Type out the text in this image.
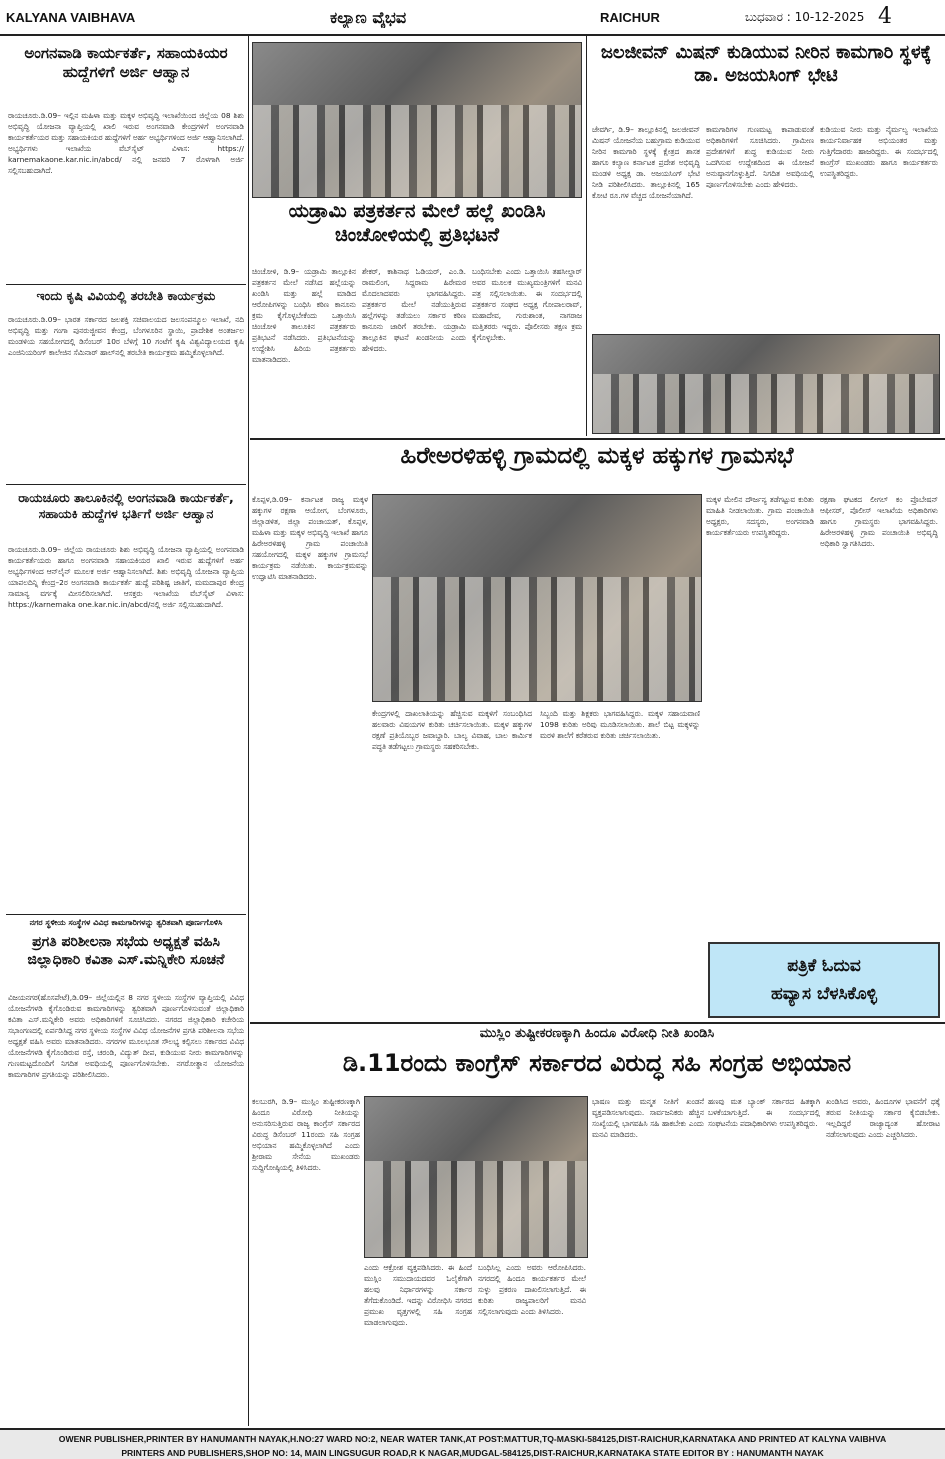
KALYANA VAIBHAVA	ಕಲ್ಯಾಣ ವೈಭವ	RAICHUR	ಬುಧವಾರ : 10-12-2025 4
ಅಂಗನವಾಡಿ ಕಾರ್ಯಕರ್ತೆ, ಸಹಾಯಕಿಯರ ಹುದ್ದೆಗಳಿಗೆ ಅರ್ಜಿ ಆಹ್ವಾನ
ರಾಯಚೂರು.ಡಿ.09– ಇಲ್ಲಿನ ಮಹಿಳಾ ಮತ್ತು ಮಕ್ಕಳ ಅಭಿವೃದ್ಧಿ ಇಲಾಖೆಯಿಂದ ಜಿಲ್ಲೆಯ 08 ಶಿಶು ಅಭಿವೃದ್ಧಿ ಯೋಜನಾ ವ್ಯಾಪ್ತಿಯಲ್ಲಿ ಖಾಲಿ ಇರುವ ಅಂಗನವಾಡಿ ಕೇಂದ್ರಗಳಿಗೆ ಅಂಗನವಾಡಿ ಕಾರ್ಯಕರ್ತೆಯರ ಮತ್ತು ಸಹಾಯಕಿಯರ ಹುದ್ದೆಗಳಿಗೆ ಅರ್ಹ ಅಭ್ಯರ್ಥಿಗಳಿಂದ ಅರ್ಜಿ ಆಹ್ವಾನಿಸಲಾಗಿದೆ. ಅಭ್ಯರ್ಥಿಗಳು ಇಲಾಖೆಯ ವೆಬ್‌ಸೈಟ್ ವಿಳಾಸ: https:// karnemakaone.kar.nic.in/abcd/ ನಲ್ಲಿ ಜನವರಿ 7 ರೊಳಗಾಗಿ ಅರ್ಜಿ ಸಲ್ಲಿಸಬಹುದಾಗಿದೆ.
ಇಂದು ಕೃಷಿ ವಿವಿಯಲ್ಲಿ ತರಬೇತಿ ಕಾರ್ಯಕ್ರಮ
ರಾಯಚೂರು.ಡಿ.09– ಭಾರತ ಸರ್ಕಾರದ ಜಲಶಕ್ತಿ ಸಚಿವಾಲಯದ ಜಲಸಂಪನ್ಮೂಲ ಇಲಾಖೆ, ನದಿ ಅಭಿವೃದ್ಧಿ ಮತ್ತು ಗಂಗಾ ಪುನರುಜ್ಜೀವನ ಕೇಂದ್ರ, ಬೆಂಗಳೂರಿನ ಸ್ಥಾಯಿ, ಪ್ರಾದೇಶಿಕ ಅಂತರ್ಜಲ ಮಂಡಳಿಯ ಸಹಯೋಗದಲ್ಲಿ ಡಿಸೆಂಬರ್ 10ರ ಬೆಳಿಗ್ಗೆ 10 ಗಂಟೆಗೆ ಕೃಷಿ ವಿಶ್ವವಿದ್ಯಾಲಯದ ಕೃಷಿ ಎಂಜಿನಿಯರಿಂಗ್ ಕಾಲೇಜಿನ ಸೆಮಿನಾರ್ ಹಾಲ್‌ನಲ್ಲಿ ತರಬೇತಿ ಕಾರ್ಯಕ್ರಮ ಹಮ್ಮಿಕೊಳ್ಳಲಾಗಿದೆ.
ರಾಯಚೂರು ತಾಲೂಕಿನಲ್ಲಿ ಅಂಗನವಾಡಿ ಕಾರ್ಯಕರ್ತೆ, ಸಹಾಯಕಿ ಹುದ್ದೆಗಳ ಭರ್ತಿಗೆ ಅರ್ಜಿ ಆಹ್ವಾನ
ರಾಯಚೂರು.ಡಿ.09– ಜಿಲ್ಲೆಯ ರಾಯಚೂರು ಶಿಶು ಅಭಿವೃದ್ಧಿ ಯೋಜನಾ ವ್ಯಾಪ್ತಿಯಲ್ಲಿ ಅಂಗನವಾಡಿ ಕಾರ್ಯಕರ್ತೆಯರು ಹಾಗೂ ಅಂಗನವಾಡಿ ಸಹಾಯಕಿಯರ ಖಾಲಿ ಇರುವ ಹುದ್ದೆಗಳಿಗೆ ಅರ್ಹ ಅಭ್ಯರ್ಥಿಗಳಿಂದ ಆನ್‌ಲೈನ್ ಮೂಲಕ ಅರ್ಜಿ ಆಹ್ವಾನಿಸಲಾಗಿದೆ. ಶಿಶು ಅಭಿವೃದ್ಧಿ ಯೋಜನಾ ವ್ಯಾಪ್ತಿಯ ಯಾಪಲದಿನ್ನಿ ಕೇಂದ್ರ–2ರ ಅಂಗನವಾಡಿ ಕಾರ್ಯಕರ್ತೆ ಹುದ್ದೆ ಪರಿಶಿಷ್ಟ ಜಾತಿಗೆ, ಮಮದಾಪುರ ಕೇಂದ್ರ ಸಾಮಾನ್ಯ ವರ್ಗಕ್ಕೆ ಮೀಸಲಿರಿಸಲಾಗಿದೆ. ಆಸಕ್ತರು ಇಲಾಖೆಯ ವೆಬ್‌ಸೈಟ್ ವಿಳಾಸ: https://karnemaka one.kar.nic.in/abcd/ನಲ್ಲಿ ಅರ್ಜಿ ಸಲ್ಲಿಸಬಹುದಾಗಿದೆ.
ನಗರ ಸ್ಥಳೀಯ ಸಂಸ್ಥೆಗಳ ವಿವಿಧ ಕಾಮಗಾರಿಗಳನ್ನು ತ್ವರಿತವಾಗಿ ಪೂರ್ಣಗೊಳಿಸಿ
ಪ್ರಗತಿ ಪರಿಶೀಲನಾ ಸಭೆಯ ಅಧ್ಯಕ್ಷತೆ ವಹಿಸಿ ಜಿಲ್ಲಾಧಿಕಾರಿ ಕವಿತಾ ಎಸ್.ಮನ್ನಿಕೇರಿ ಸೂಚನೆ
ವಿಜಯನಗರ(ಹೊಸಪೇಟೆ),ಡಿ.09– ಜಿಲ್ಲೆಯಲ್ಲಿನ 8 ನಗರ ಸ್ಥಳೀಯ ಸಂಸ್ಥೆಗಳ ವ್ಯಾಪ್ತಿಯಲ್ಲಿ ವಿವಿಧ ಯೋಜನೆಗಳಡಿ ಕೈಗೊಂಡಿರುವ ಕಾಮಗಾರಿಗಳನ್ನು ತ್ವರಿತವಾಗಿ ಪೂರ್ಣಗೊಳಿಸುವಂತೆ ಜಿಲ್ಲಾಧಿಕಾರಿ ಕವಿತಾ ಎಸ್.ಮನ್ನಿಕೇರಿ ಅವರು ಅಧಿಕಾರಿಗಳಿಗೆ ಸೂಚಿಸಿದರು. ನಗರದ ಜಿಲ್ಲಾಧಿಕಾರಿ ಕಚೇರಿಯ ಸಭಾಂಗಣದಲ್ಲಿ ಏರ್ಪಡಿಸಿದ್ದ ನಗರ ಸ್ಥಳೀಯ ಸಂಸ್ಥೆಗಳ ವಿವಿಧ ಯೋಜನೆಗಳ ಪ್ರಗತಿ ಪರಿಶೀಲನಾ ಸಭೆಯ ಅಧ್ಯಕ್ಷತೆ ವಹಿಸಿ ಅವರು ಮಾತನಾಡಿದರು. ನಗರಗಳ ಮೂಲಭೂತ ಸೌಲಭ್ಯ ಕಲ್ಪಿಸಲು ಸರ್ಕಾರದ ವಿವಿಧ ಯೋಜನೆಗಳಡಿ ಕೈಗೊಂಡಿರುವ ರಸ್ತೆ, ಚರಂಡಿ, ವಿದ್ಯುತ್ ದೀಪ, ಕುಡಿಯುವ ನೀರು ಕಾಮಗಾರಿಗಳನ್ನು ಗುಣಮಟ್ಟದೊಂದಿಗೆ ನಿಗದಿತ ಅವಧಿಯಲ್ಲಿ ಪೂರ್ಣಗೊಳಿಸಬೇಕು. ನಗರೋತ್ಥಾನ ಯೋಜನೆಯ ಕಾಮಗಾರಿಗಳ ಪ್ರಗತಿಯನ್ನು ಪರಿಶೀಲಿಸಿದರು.
ಯಡ್ರಾಮಿ ಪತ್ರಕರ್ತನ ಮೇಲೆ ಹಲ್ಲೆ ಖಂಡಿಸಿ ಚಿಂಚೋಳಿಯಲ್ಲಿ ಪ್ರತಿಭಟನೆ
ಚಿಂಚೋಳಿ, ಡಿ.9– ಯಡ್ರಾಮಿ ತಾಲ್ಲೂಕಿನ ಪತ್ರಕರ್ತನ ಮೇಲೆ ನಡೆಸಿದ ಹಲ್ಲೆಯನ್ನು ಖಂಡಿಸಿ ಮತ್ತು ಹಲ್ಲೆ ಮಾಡಿದ ಆರೋಪಿಗಳನ್ನು ಬಂಧಿಸಿ ಕಠಿಣ ಕಾನೂನು ಕ್ರಮ ಕೈಗೊಳ್ಳಬೇಕೆಂದು ಒತ್ತಾಯಿಸಿ ಚಿಂಚೋಳಿ ತಾಲೂಕಿನ ಪತ್ರಕರ್ತರು ಪ್ರತಿಭಟನೆ ನಡೆಸಿದರು. ಪ್ರತಿಭಟನೆಯನ್ನು ಉದ್ದೇಶಿಸಿ ಹಿರಿಯ ಪತ್ರಕರ್ತರು ಮಾತನಾಡಿದರು.
ಶೇಕರ್, ಕಾಶಿನಾಥ ಓಡಿಯರ್, ಎಂ.ಡಿ. ರಾಮಲಿಂಗ, ಸಿದ್ದರಾಮ ಹಿರೇಮಠ ಮೊದಲಾದವರು ಭಾಗವಹಿಸಿದ್ದರು. ಪತ್ರಕರ್ತರ ಮೇಲೆ ನಡೆಯುತ್ತಿರುವ ಹಲ್ಲೆಗಳನ್ನು ತಡೆಯಲು ಸರ್ಕಾರ ಕಠಿಣ ಕಾನೂನು ಜಾರಿಗೆ ತರಬೇಕು. ಯಡ್ರಾಮಿ ತಾಲ್ಲೂಕಿನ ಘಟನೆ ಖಂಡನೀಯ ಎಂದು ಹೇಳಿದರು.
ಬಂಧಿಸಬೇಕು ಎಂದು ಒತ್ತಾಯಿಸಿ ತಹಸೀಲ್ದಾರ್ ಅವರ ಮೂಲಕ ಮುಖ್ಯಮಂತ್ರಿಗಳಿಗೆ ಮನವಿ ಪತ್ರ ಸಲ್ಲಿಸಲಾಯಿತು. ಈ ಸಂದರ್ಭದಲ್ಲಿ ಪತ್ರಕರ್ತರ ಸಂಘದ ಅಧ್ಯಕ್ಷ ಗೋಪಾಲರಾವ್, ಮಹಾದೇವ, ಗುರುಶಾಂತ, ನಾಗರಾಜ ಮತ್ತಿತರರು ಇದ್ದರು. ಪೊಲೀಸರು ತಕ್ಷಣ ಕ್ರಮ ಕೈಗೊಳ್ಳಬೇಕು.
ಜಲಜೀವನ್ ಮಿಷನ್ ಕುಡಿಯುವ ನೀರಿನ ಕಾಮಗಾರಿ ಸ್ಥಳಕ್ಕೆ ಡಾ. ಅಜಯಸಿಂಗ್ ಭೇಟಿ
ಜೇವರ್ಗಿ, ಡಿ.9– ತಾಲ್ಲೂಕಿನಲ್ಲಿ ಜಲಜೀವನ್ ಮಿಷನ್ ಯೋಜನೆಯ ಬಹುಗ್ರಾಮ ಕುಡಿಯುವ ನೀರಿನ ಕಾಮಗಾರಿ ಸ್ಥಳಕ್ಕೆ ಕ್ಷೇತ್ರದ ಶಾಸಕ ಹಾಗೂ ಕಲ್ಯಾಣ ಕರ್ನಾಟಕ ಪ್ರದೇಶ ಅಭಿವೃದ್ಧಿ ಮಂಡಳಿ ಅಧ್ಯಕ್ಷ ಡಾ. ಅಜಯಸಿಂಗ್ ಭೇಟಿ ನೀಡಿ ಪರಿಶೀಲಿಸಿದರು. ತಾಲ್ಲೂಕಿನಲ್ಲಿ 165 ಕೋಟಿ ರೂ.ಗಳ ವೆಚ್ಚದ ಯೋಜನೆಯಾಗಿದೆ.
ಕಾಮಗಾರಿಗಳ ಗುಣಮಟ್ಟ ಕಾಪಾಡುವಂತೆ ಅಧಿಕಾರಿಗಳಿಗೆ ಸೂಚಿಸಿದರು. ಗ್ರಾಮೀಣ ಪ್ರದೇಶಗಳಿಗೆ ಶುದ್ಧ ಕುಡಿಯುವ ನೀರು ಒದಗಿಸುವ ಉದ್ದೇಶದಿಂದ ಈ ಯೋಜನೆ ಅನುಷ್ಠಾನಗೊಳ್ಳುತ್ತಿದೆ. ನಿಗದಿತ ಅವಧಿಯಲ್ಲಿ ಪೂರ್ಣಗೊಳಿಸಬೇಕು ಎಂದು ಹೇಳಿದರು.
ಕುಡಿಯುವ ನೀರು ಮತ್ತು ನೈರ್ಮಲ್ಯ ಇಲಾಖೆಯ ಕಾರ್ಯನಿರ್ವಾಹಕ ಅಭಿಯಂತರ ಮತ್ತು ಗುತ್ತಿಗೆದಾರರು ಹಾಜರಿದ್ದರು. ಈ ಸಂದರ್ಭದಲ್ಲಿ ಕಾಂಗ್ರೆಸ್ ಮುಖಂಡರು ಹಾಗೂ ಕಾರ್ಯಕರ್ತರು ಉಪಸ್ಥಿತರಿದ್ದರು.
ಹಿರೇಅರಳಿಹಳ್ಳಿ ಗ್ರಾಮದಲ್ಲಿ ಮಕ್ಕಳ ಹಕ್ಕುಗಳ ಗ್ರಾಮಸಭೆ
ಕೊಪ್ಪಳ,ಡಿ.09– ಕರ್ನಾಟಕ ರಾಜ್ಯ ಮಕ್ಕಳ ಹಕ್ಕುಗಳ ರಕ್ಷಣಾ ಆಯೋಗ, ಬೆಂಗಳೂರು, ಜಿಲ್ಲಾಡಳಿತ, ಜಿಲ್ಲಾ ಪಂಚಾಯತ್, ಕೊಪ್ಪಳ, ಮಹಿಳಾ ಮತ್ತು ಮಕ್ಕಳ ಅಭಿವೃದ್ಧಿ ಇಲಾಖೆ ಹಾಗೂ ಹಿರೇಅರಳಿಹಳ್ಳಿ ಗ್ರಾಮ ಪಂಚಾಯಿತಿ ಸಹಯೋಗದಲ್ಲಿ ಮಕ್ಕಳ ಹಕ್ಕುಗಳ ಗ್ರಾಮಸಭೆ ಕಾರ್ಯಕ್ರಮ ನಡೆಯಿತು. ಕಾರ್ಯಕ್ರಮವನ್ನು ಉದ್ಘಾಟಿಸಿ ಮಾತನಾಡಿದರು.
ಕೇಂದ್ರಗಳಲ್ಲಿ ದಾಖಲಾತಿಯನ್ನು ಹೆಚ್ಚಿಸುವ ಮಕ್ಕಳಿಗೆ ಸಂಬಂಧಿಸಿದ ಹಲವಾರು ವಿಷಯಗಳ ಕುರಿತು ಚರ್ಚಿಸಲಾಯಿತು. ಮಕ್ಕಳ ಹಕ್ಕುಗಳ ರಕ್ಷಣೆ ಪ್ರತಿಯೊಬ್ಬರ ಜವಾಬ್ದಾರಿ. ಬಾಲ್ಯ ವಿವಾಹ, ಬಾಲ ಕಾರ್ಮಿಕ ಪದ್ಧತಿ ತಡೆಗಟ್ಟಲು ಗ್ರಾಮಸ್ಥರು ಸಹಕರಿಸಬೇಕು.
ಸಿಬ್ಬಂದಿ ಮತ್ತು ಶಿಕ್ಷಕರು ಭಾಗವಹಿಸಿದ್ದರು. ಮಕ್ಕಳ ಸಹಾಯವಾಣಿ 1098 ಕುರಿತು ಅರಿವು ಮೂಡಿಸಲಾಯಿತು. ಶಾಲೆ ಬಿಟ್ಟ ಮಕ್ಕಳನ್ನು ಮರಳಿ ಶಾಲೆಗೆ ಕರೆತರುವ ಕುರಿತು ಚರ್ಚಿಸಲಾಯಿತು.
ಮಕ್ಕಳ ಮೇಲಿನ ದೌರ್ಜನ್ಯ ತಡೆಗಟ್ಟುವ ಕುರಿತು ಮಾಹಿತಿ ನೀಡಲಾಯಿತು. ಗ್ರಾಮ ಪಂಚಾಯಿತಿ ಅಧ್ಯಕ್ಷರು, ಸದಸ್ಯರು, ಅಂಗನವಾಡಿ ಕಾರ್ಯಕರ್ತೆಯರು ಉಪಸ್ಥಿತರಿದ್ದರು.
ರಕ್ಷಣಾ ಘಟಕದ ಲೀಗಲ್ ಕಂ ಪ್ರೊಬೇಷನ್ ಆಫೀಸರ್, ಪೊಲೀಸ್ ಇಲಾಖೆಯ ಅಧಿಕಾರಿಗಳು ಹಾಗೂ ಗ್ರಾಮಸ್ಥರು ಭಾಗವಹಿಸಿದ್ದರು. ಹಿರೇಅರಳಿಹಳ್ಳಿ ಗ್ರಾಮ ಪಂಚಾಯಿತಿ ಅಭಿವೃದ್ಧಿ ಅಧಿಕಾರಿ ಸ್ವಾಗತಿಸಿದರು.
ಪತ್ರಿಕೆ ಓದುವ
ಹವ್ಯಾಸ ಬೆಳಸಿಕೊಳ್ಳಿ
ಮುಸ್ಲಿಂ ತುಷ್ಟೀಕರಣಕ್ಕಾಗಿ ಹಿಂದೂ ವಿರೋಧಿ ನೀತಿ ಖಂಡಿಸಿ
ಡಿ.11ರಂದು ಕಾಂಗ್ರೆಸ್ ಸರ್ಕಾರದ ವಿರುದ್ಧ ಸಹಿ ಸಂಗ್ರಹ ಅಭಿಯಾನ
ಕಲಬುರಗಿ, ಡಿ.9– ಮುಸ್ಲಿಂ ತುಷ್ಟೀಕರಣಕ್ಕಾಗಿ ಹಿಂದೂ ವಿರೋಧಿ ನೀತಿಯನ್ನು ಅನುಸರಿಸುತ್ತಿರುವ ರಾಜ್ಯ ಕಾಂಗ್ರೆಸ್ ಸರ್ಕಾರದ ವಿರುದ್ಧ ಡಿಸೆಂಬರ್ 11ರಂದು ಸಹಿ ಸಂಗ್ರಹ ಅಭಿಯಾನ ಹಮ್ಮಿಕೊಳ್ಳಲಾಗಿದೆ ಎಂದು ಶ್ರೀರಾಮ ಸೇನೆಯ ಮುಖಂಡರು ಸುದ್ದಿಗೋಷ್ಠಿಯಲ್ಲಿ ತಿಳಿಸಿದರು.
ಎಂದು ಆಕ್ರೋಶ ವ್ಯಕ್ತಪಡಿಸಿದರು. ಈ ಹಿಂದೆ ಮುಸ್ಲಿಂ ಸಮುದಾಯದವರ ಓಲೈಕೆಗಾಗಿ ಹಲವು ನಿರ್ಧಾರಗಳನ್ನು ಸರ್ಕಾರ ತೆಗೆದುಕೊಂಡಿದೆ. ಇದನ್ನು ವಿರೋಧಿಸಿ ನಗರದ ಪ್ರಮುಖ ವೃತ್ತಗಳಲ್ಲಿ ಸಹಿ ಸಂಗ್ರಹ ಮಾಡಲಾಗುವುದು.
ಬಂಧಿಸಿಲ್ಲ ಎಂದು ಅವರು ಆರೋಪಿಸಿದರು. ನಗರದಲ್ಲಿ ಹಿಂದೂ ಕಾರ್ಯಕರ್ತರ ಮೇಲೆ ಸುಳ್ಳು ಪ್ರಕರಣ ದಾಖಲಿಸಲಾಗುತ್ತಿದೆ. ಈ ಕುರಿತು ರಾಜ್ಯಪಾಲರಿಗೆ ಮನವಿ ಸಲ್ಲಿಸಲಾಗುವುದು ಎಂದು ತಿಳಿಸಿದರು.
ಭಾಷಣ ಮತ್ತು ಮನ್ಮತ ನೀತಿಗೆ ಖಂಡನೆ ವ್ಯಕ್ತಪಡಿಸಲಾಗುವುದು. ಸಾರ್ವಜನಿಕರು ಹೆಚ್ಚಿನ ಸಂಖ್ಯೆಯಲ್ಲಿ ಭಾಗವಹಿಸಿ ಸಹಿ ಹಾಕಬೇಕು ಎಂದು ಮನವಿ ಮಾಡಿದರು.
ಹಣವು ಮತ ಬ್ಯಾಂಕ್ ಸರ್ಕಾರದ ಹಿತಕ್ಕಾಗಿ ಬಳಕೆಯಾಗುತ್ತಿದೆ. ಈ ಸಂದರ್ಭದಲ್ಲಿ ಸಂಘಟನೆಯ ಪದಾಧಿಕಾರಿಗಳು ಉಪಸ್ಥಿತರಿದ್ದರು.
ಖಂಡಿಸಿದ ಅವರು, ಹಿಂದೂಗಳ ಭಾವನೆಗೆ ಧಕ್ಕೆ ತರುವ ನೀತಿಯನ್ನು ಸರ್ಕಾರ ಕೈಬಿಡಬೇಕು. ಇಲ್ಲದಿದ್ದರೆ ರಾಜ್ಯಾದ್ಯಂತ ಹೋರಾಟ ನಡೆಸಲಾಗುವುದು ಎಂದು ಎಚ್ಚರಿಸಿದರು.
OWENR PUBLISHER,PRINTER BY HANUMANTH NAYAK,H.NO:27 WARD NO:2, NEAR WATER TANK,AT POST:MATTUR,TQ-MASKI-584125,DIST-RAICHUR,KARNATAKA AND PRINTED AT KALYNA VAIBHVA
PRINTERS AND PUBLISHERS,SHOP NO: 14, MAIN LINGSUGUR ROAD,R K NAGAR,MUDGAL-584125,DIST-RAICHUR,KARNATAKA STATE EDITOR BY : HANUMANTH NAYAK
